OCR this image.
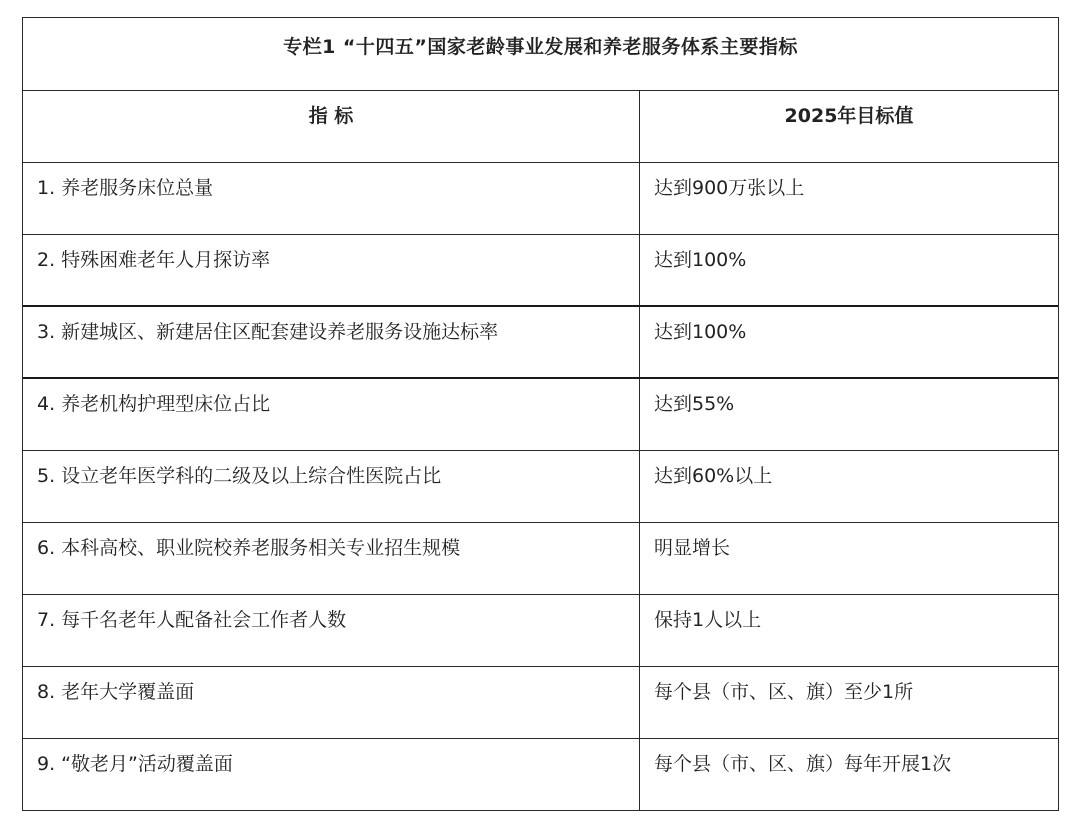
专栏1 “十四五”国家老龄事业发展和养老服务体系主要指标
指 标	2025年目标值
1. 养老服务床位总量	达到900万张以上
2. 特殊困难老年人月探访率	达到100%
3. 新建城区、新建居住区配套建设养老服务设施达标率	达到100%
4. 养老机构护理型床位占比	达到55%
5. 设立老年医学科的二级及以上综合性医院占比	达到60%以上
6. 本科高校、职业院校养老服务相关专业招生规模	明显增长
7. 每千名老年人配备社会工作者人数	保持1人以上
8. 老年大学覆盖面	每个县（市、区、旗）至少1所
9. “敬老月”活动覆盖面	每个县（市、区、旗）每年开展1次
